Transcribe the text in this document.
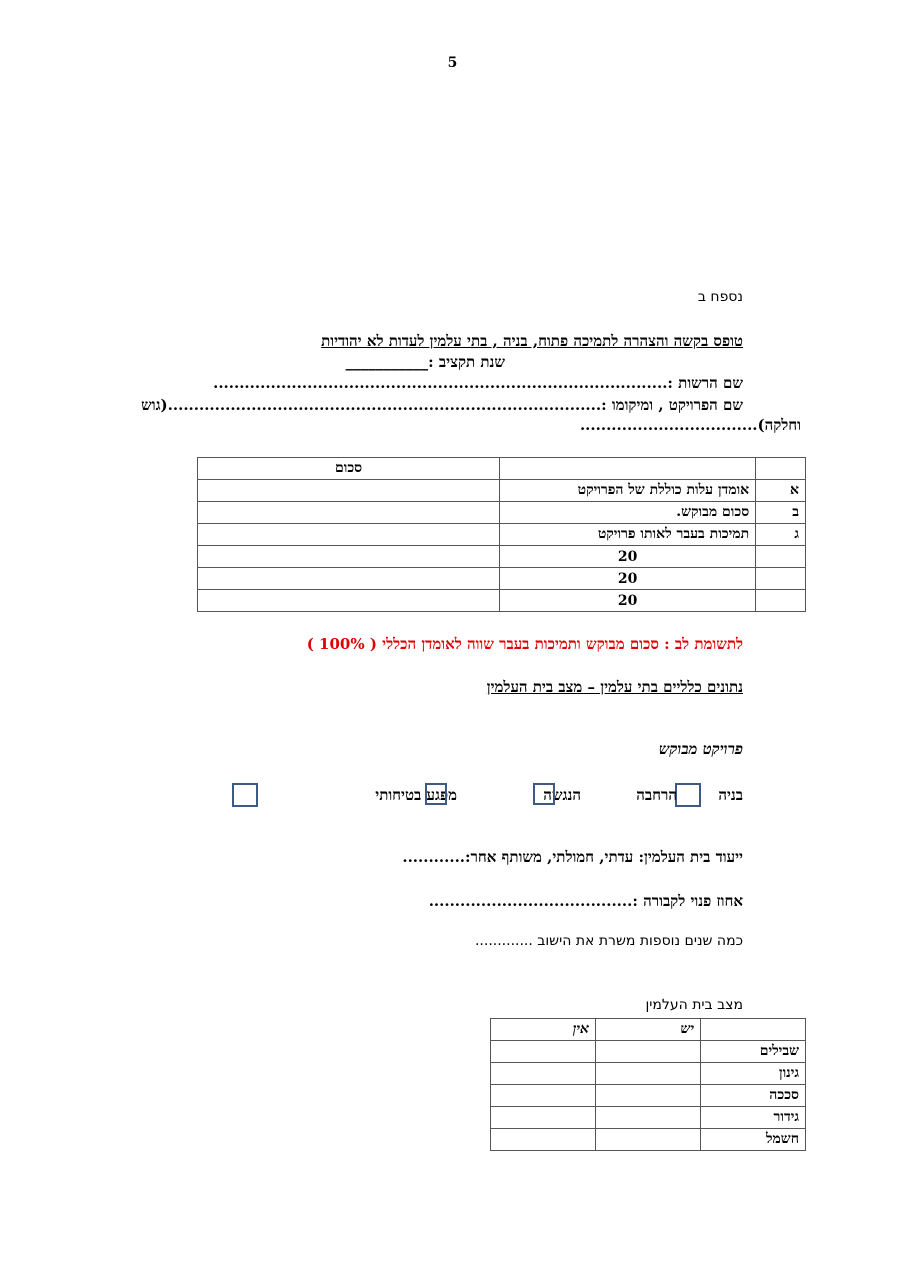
5
נספח ב
טופס בקשה והצהרה לתמיכה פתוח, בניה , בתי עלמין לעדות לא יהודיות
שנת תקציב :___________
שם הרשות :.......................................................................................
שם הפרויקט , ומיקומו :...................................................................................(גוש
וחלקה)..................................
		סכום
א	אומדן עלות כוללת של הפרויקט	
ב	סכום מבוקש.	
ג	תמיכות בעבר לאותו פרויקט	
	20	
	20	
	20	
לתשומת לב : סכום מבוקש ותמיכות בעבר שווה לאומדן הכללי ( 100% )
נתונים כלליים בתי עלמין – מצב בית העלמין
פרויקט מבוקש
בניה
הרחבה
הנגשה
מפגע בטיחותי
ייעוד בית העלמין: עדתי, חמולתי, משותף אחר:............
אחוז פנוי לקבורה :.......................................
כמה שנים נוספות משרת את הישוב .............
מצב בית העלמין
	יש	אין
שבילים		
גינון		
סככה		
גידור		
חשמל		
